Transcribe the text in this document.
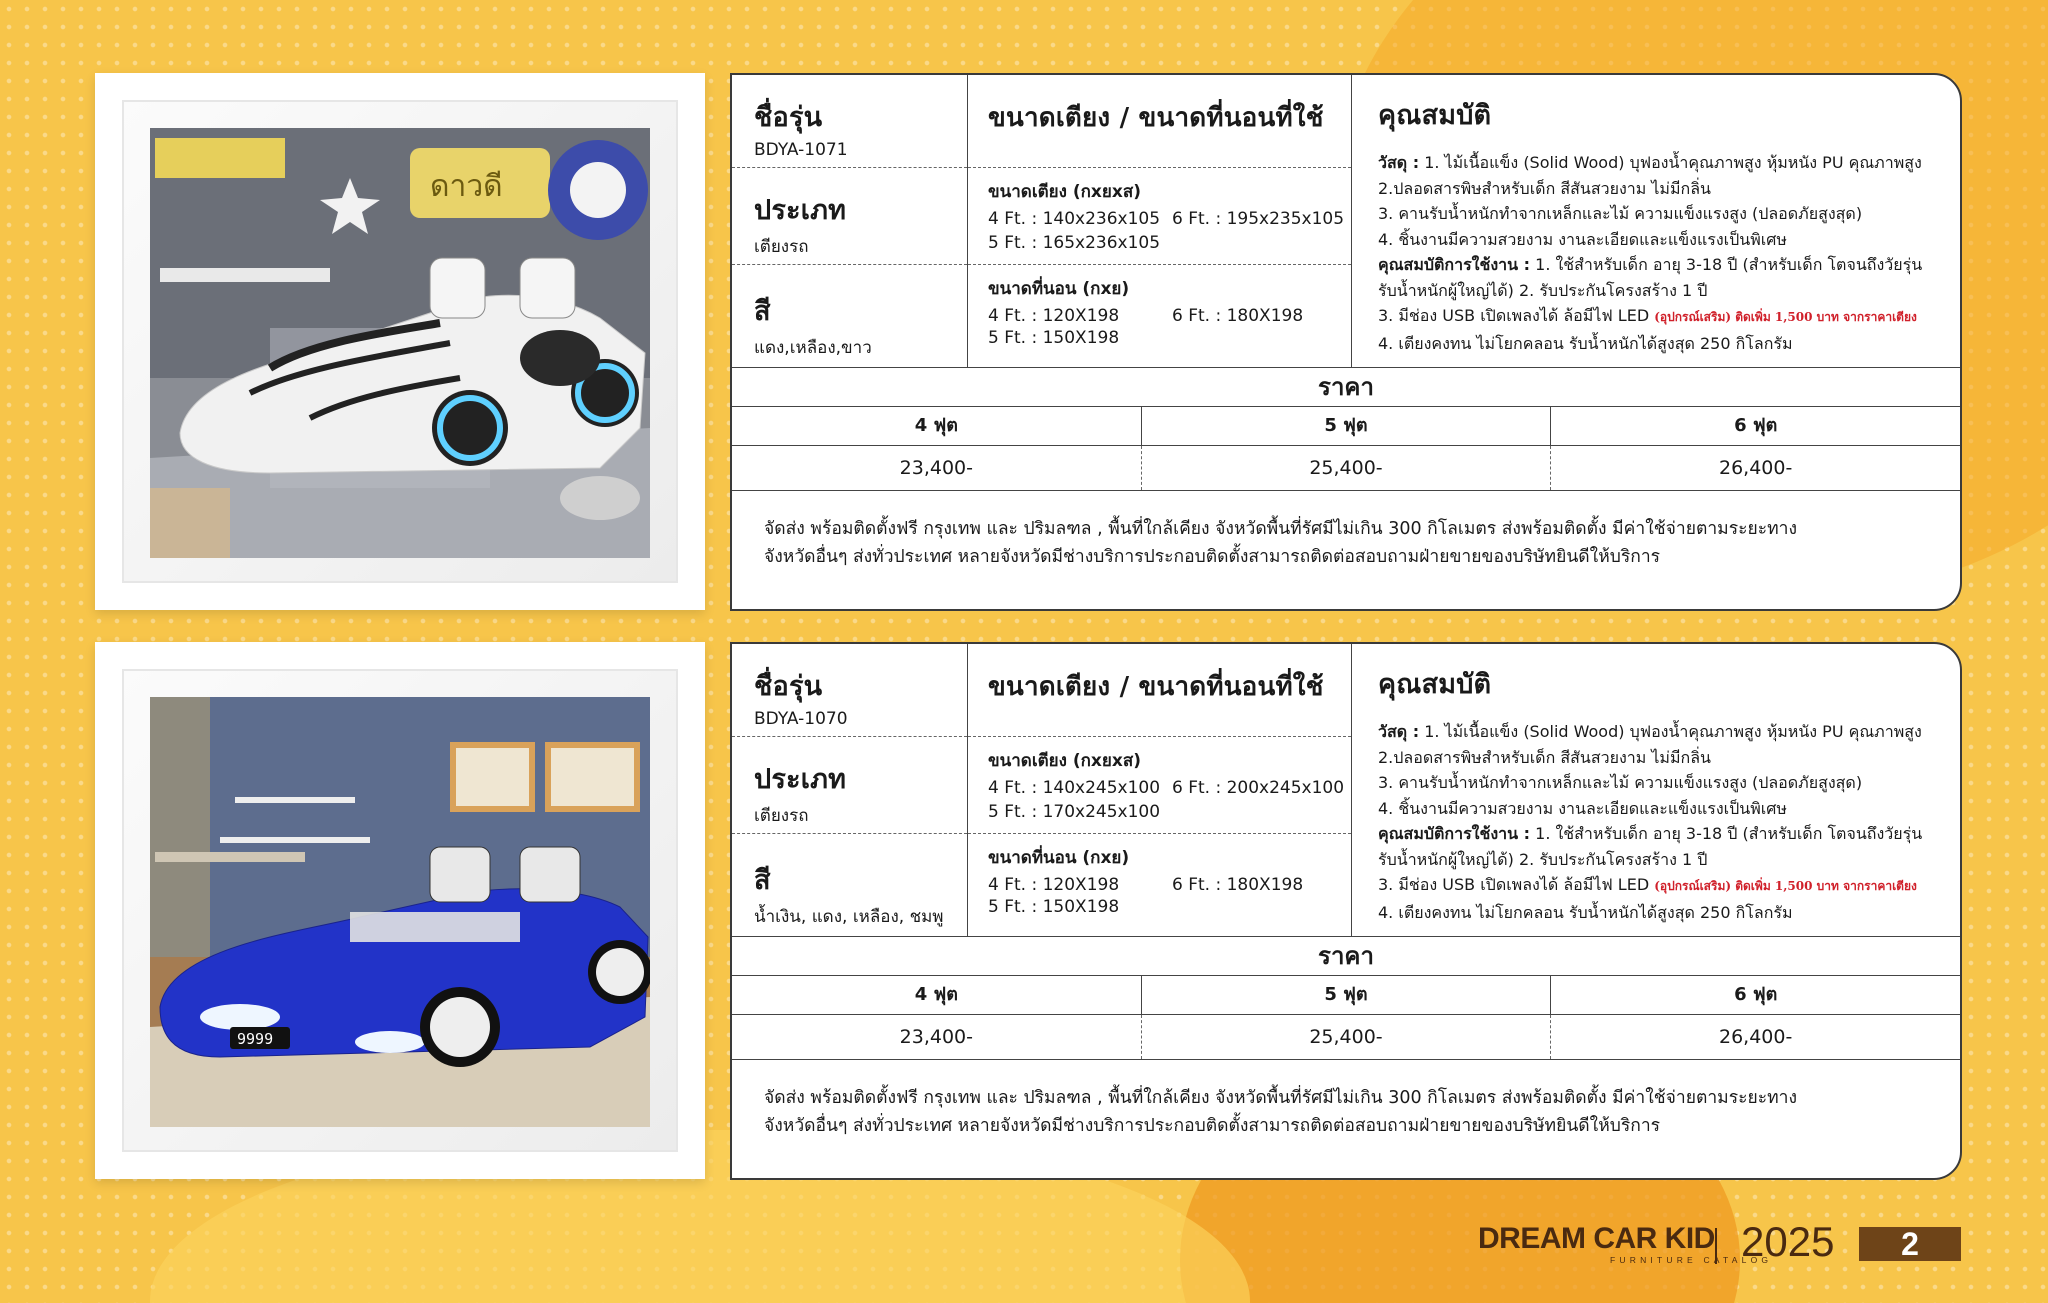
ดาวดี
ชื่อรุ่น
BDYA-1071
ประเภท
เตียงรถ
สี
แดง,เหลือง,ขาว
ขนาดเตียง / ขนาดที่นอนที่ใช้
ขนาดเตียง (กxยxส)
4 Ft. : 140x236x105 6 Ft. : 195x235x105
5 Ft. : 165x236x105
ขนาดที่นอน (กxย)
4 Ft. : 120X198	6 Ft. : 180X198
5 Ft. : 150X198
คุณสมบัติ
วัสดุ : 1. ไม้เนื้อแข็ง (Solid Wood) บุฟองน้ำคุณภาพสูง หุ้มหนัง PU คุณภาพสูง
2.ปลอดสารพิษสำหรับเด็ก สีสันสวยงาม ไม่มีกลิ่น
3. คานรับน้ำหนักทำจากเหล็กและไม้ ความแข็งแรงสูง (ปลอดภัยสูงสุด)
4. ชิ้นงานมีความสวยงาม งานละเอียดและแข็งแรงเป็นพิเศษ
คุณสมบัติการใช้งาน : 1. ใช้สำหรับเด็ก อายุ 3-18 ปี (สำหรับเด็ก โตจนถึงวัยรุ่น
รับน้ำหนักผู้ใหญ่ได้) 2. รับประกันโครงสร้าง 1 ปี
3. มีช่อง USB เปิดเพลงได้ ล้อมีไฟ LED (อุปกรณ์เสริม) ติดเพิ่ม 1,500 บาท จากราคาเตียง
4. เตียงคงทน ไม่โยกคลอน รับน้ำหนักได้สูงสุด 250 กิโลกรัม
ราคา
4 ฟุต	5 ฟุต	6 ฟุต
23,400-	25,400-	26,400-
จัดส่ง พร้อมติดตั้งฟรี กรุงเทพ และ ปริมลฑล , พื้นที่ใกล้เคียง จังหวัดพื้นที่รัศมีไม่เกิน 300 กิโลเมตร ส่งพร้อมติดตั้ง มีค่าใช้จ่ายตามระยะทาง
จังหวัดอื่นๆ ส่งทั่วประเทศ หลายจังหวัดมีช่างบริการประกอบติดตั้งสามารถติดต่อสอบถามฝ่ายขายของบริษัทยินดีให้บริการ
9999
ชื่อรุ่น
BDYA-1070
ประเภท
เตียงรถ
สี
น้ำเงิน, แดง, เหลือง, ชมพู
ขนาดเตียง / ขนาดที่นอนที่ใช้
ขนาดเตียง (กxยxส)
4 Ft. : 140x245x100 6 Ft. : 200x245x100
5 Ft. : 170x245x100
ขนาดที่นอน (กxย)
4 Ft. : 120X198	6 Ft. : 180X198
5 Ft. : 150X198
คุณสมบัติ
วัสดุ : 1. ไม้เนื้อแข็ง (Solid Wood) บุฟองน้ำคุณภาพสูง หุ้มหนัง PU คุณภาพสูง
2.ปลอดสารพิษสำหรับเด็ก สีสันสวยงาม ไม่มีกลิ่น
3. คานรับน้ำหนักทำจากเหล็กและไม้ ความแข็งแรงสูง (ปลอดภัยสูงสุด)
4. ชิ้นงานมีความสวยงาม งานละเอียดและแข็งแรงเป็นพิเศษ
คุณสมบัติการใช้งาน : 1. ใช้สำหรับเด็ก อายุ 3-18 ปี (สำหรับเด็ก โตจนถึงวัยรุ่น
รับน้ำหนักผู้ใหญ่ได้) 2. รับประกันโครงสร้าง 1 ปี
3. มีช่อง USB เปิดเพลงได้ ล้อมีไฟ LED (อุปกรณ์เสริม) ติดเพิ่ม 1,500 บาท จากราคาเตียง
4. เตียงคงทน ไม่โยกคลอน รับน้ำหนักได้สูงสุด 250 กิโลกรัม
ราคา
4 ฟุต	5 ฟุต	6 ฟุต
23,400-	25,400-	26,400-
จัดส่ง พร้อมติดตั้งฟรี กรุงเทพ และ ปริมลฑล , พื้นที่ใกล้เคียง จังหวัดพื้นที่รัศมีไม่เกิน 300 กิโลเมตร ส่งพร้อมติดตั้ง มีค่าใช้จ่ายตามระยะทาง
จังหวัดอื่นๆ ส่งทั่วประเทศ หลายจังหวัดมีช่างบริการประกอบติดตั้งสามารถติดต่อสอบถามฝ่ายขายของบริษัทยินดีให้บริการ
DREAM CAR KID
FURNITURE CATALOG
2025	2
